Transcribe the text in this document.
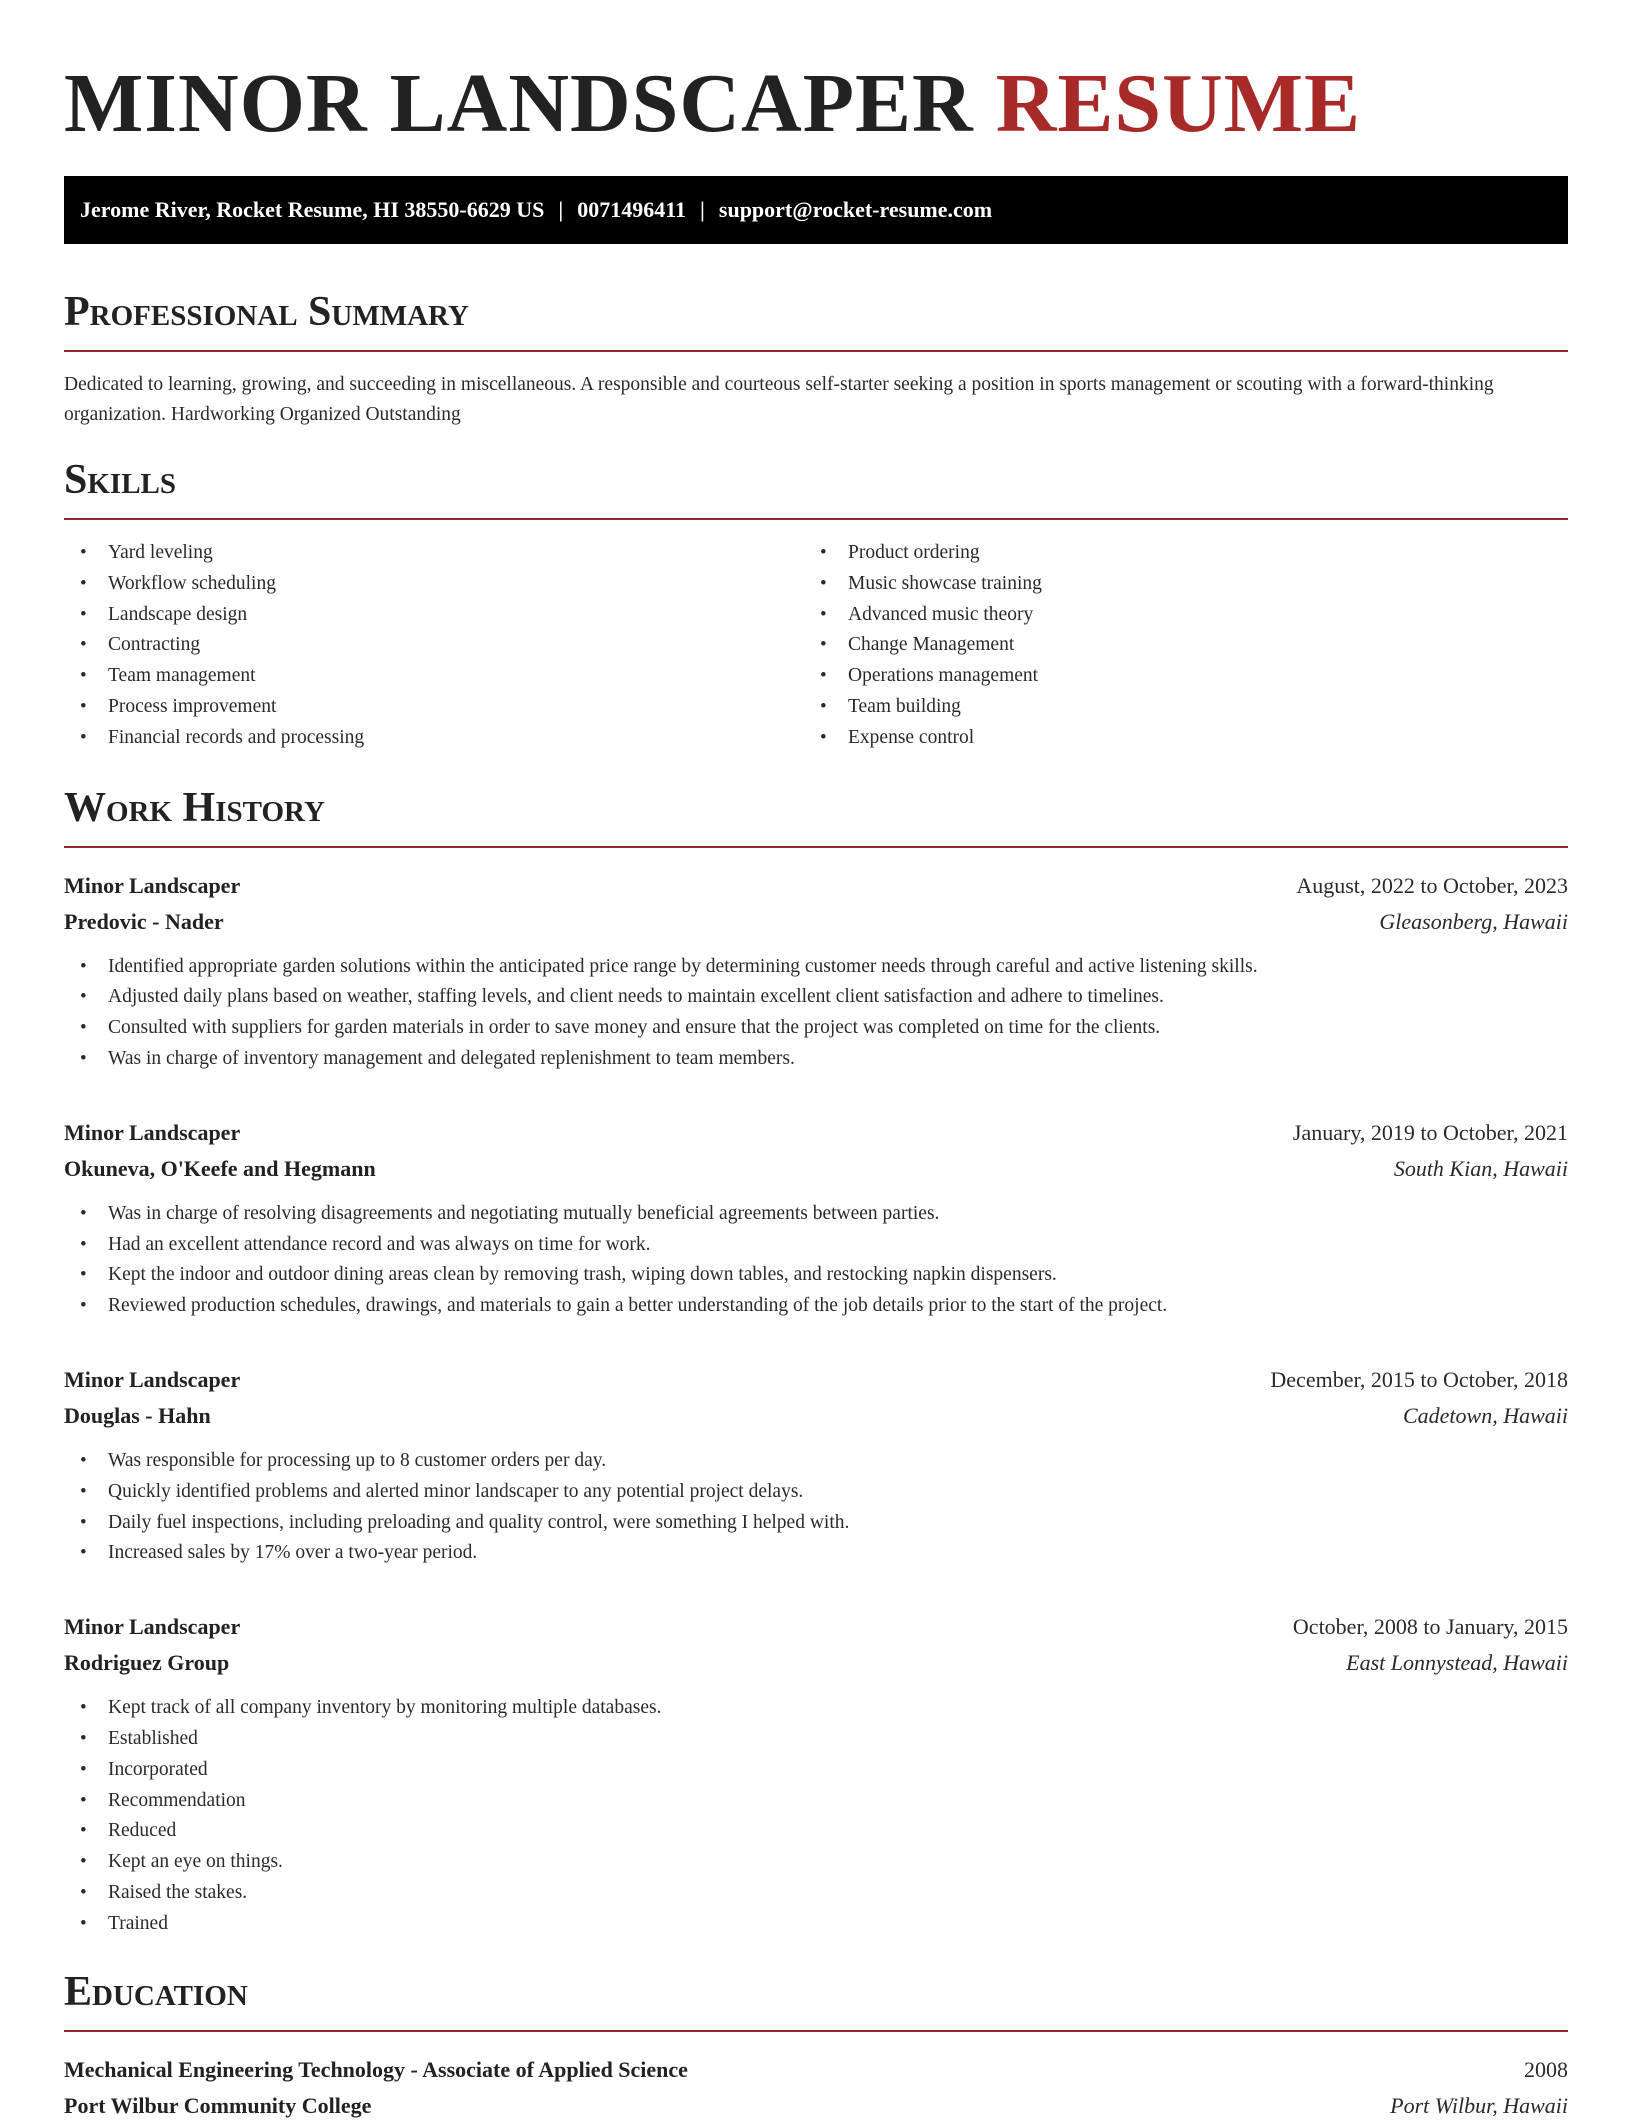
MINOR LANDSCAPER RESUME
Jerome River, Rocket Resume, HI 38550-6629 US | 0071496411 | support@rocket-resume.com
Professional Summary

Dedicated to learning, growing, and succeeding in miscellaneous. A responsible and courteous self-starter seeking a position in sports management or scouting with a forward-thinking organization. Hardworking Organized Outstanding

Skills
• Yard leveling
• Workflow scheduling
• Landscape design
• Contracting
• Team management
• Process improvement
• Financial records and processing
• Product ordering
• Music showcase training
• Advanced music theory
• Change Management
• Operations management
• Team building
• Expense control
Work History
Minor Landscaper	August, 2022 to October, 2023
Predovic - Nader	Gleasonberg, Hawaii
• Identified appropriate garden solutions within the anticipated price range by determining customer needs through careful and active listening skills.
• Adjusted daily plans based on weather, staffing levels, and client needs to maintain excellent client satisfaction and adhere to timelines.
• Consulted with suppliers for garden materials in order to save money and ensure that the project was completed on time for the clients.
• Was in charge of inventory management and delegated replenishment to team members.
Minor Landscaper	January, 2019 to October, 2021
Okuneva, O'Keefe and Hegmann	South Kian, Hawaii
• Was in charge of resolving disagreements and negotiating mutually beneficial agreements between parties.
• Had an excellent attendance record and was always on time for work.
• Kept the indoor and outdoor dining areas clean by removing trash, wiping down tables, and restocking napkin dispensers.
• Reviewed production schedules, drawings, and materials to gain a better understanding of the job details prior to the start of the project.
Minor Landscaper	December, 2015 to October, 2018
Douglas - Hahn	Cadetown, Hawaii
• Was responsible for processing up to 8 customer orders per day.
• Quickly identified problems and alerted minor landscaper to any potential project delays.
• Daily fuel inspections, including preloading and quality control, were something I helped with.
• Increased sales by 17% over a two-year period.
Minor Landscaper	October, 2008 to January, 2015
Rodriguez Group	East Lonnystead, Hawaii
• Kept track of all company inventory by monitoring multiple databases.
• Established
• Incorporated
• Recommendation
• Reduced
• Kept an eye on things.
• Raised the stakes.
• Trained
Education
Mechanical Engineering Technology - Associate of Applied Science	2008
Port Wilbur Community College	Port Wilbur, Hawaii
